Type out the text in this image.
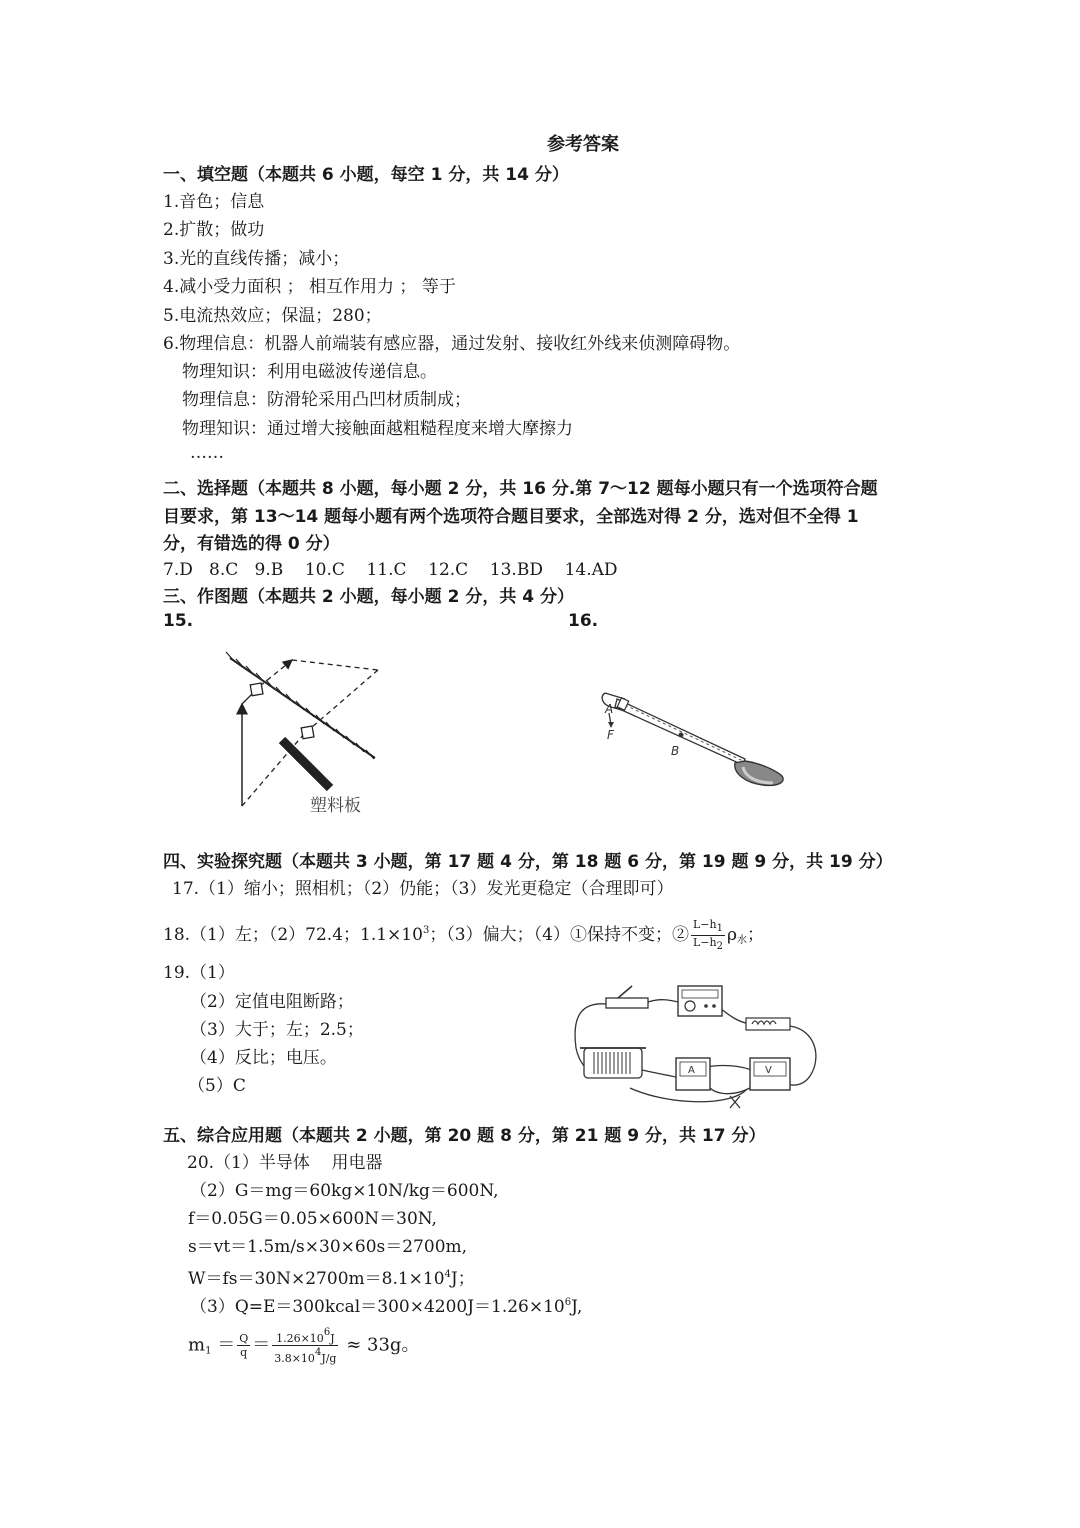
参考答案
一、填空题（本题共 6 小题，每空 1 分，共 14 分）
1.音色；信息
2.扩散；做功
3.光的直线传播；减小；
4.减小受力面积 ； 相互作用力 ； 等于
5.电流热效应；保温；280；
6.物理信息：机器人前端装有感应器，通过发射、接收红外线来侦测障碍物。
物理知识：利用电磁波传递信息。
物理信息：防滑轮采用凸凹材质制成；
物理知识：通过增大接触面越粗糙程度来增大摩擦力
……
二、选择题（本题共 8 小题，每小题 2 分，共 16 分.第 7～12 题每小题只有一个选项符合题
目要求，第 13～14 题每小题有两个选项符合题目要求，全部选对得 2 分，选对但不全得 1
分，有错选的得 0 分）
7.D   8.C   9.B    10.C    11.C    12.C    13.BD    14.AD
三、作图题（本题共 2 小题，每小题 2 分，共 4 分）
15.	16.
塑料板
A
F
B
四、实验探究题（本题共 3 小题，第 17 题 4 分，第 18 题 6 分，第 19 题 9 分，共 19 分）
17.（1）缩小；照相机；（2）仍能；（3）发光更稳定（合理即可）
18.（1）左；（2）72.4；$1.1\times 10^3$；（3）偏大；（4）①保持不变；② $\frac{L-h_1}{L-h_2} \rho_水$；
19.（1）
（2）定值电阻断路；
（3）大于；左；2.5；
（4）反比；电压。
（5）C
A	V
五、综合应用题（本题共 2 小题，第 20 题 8 分，第 21 题 9 分，共 17 分）
20.（1）半导体    用电器
（2）G＝mg＝60kg×10N/kg＝600N,
f＝0.05G＝0.05×600N＝30N,
s＝vt＝1.5m/s×30×60s＝2700m,
$W=fs=30N\times 2700m=8.1\times 10^4J$；
$(3)Q=E=300kcal=300\times 4200J=1.26\times 10^6J$,
$m_1 = \frac{Q}{q} = \frac{1.26\times 10^6J}{3.8\times 10^4J/g} \approx 33g$。
